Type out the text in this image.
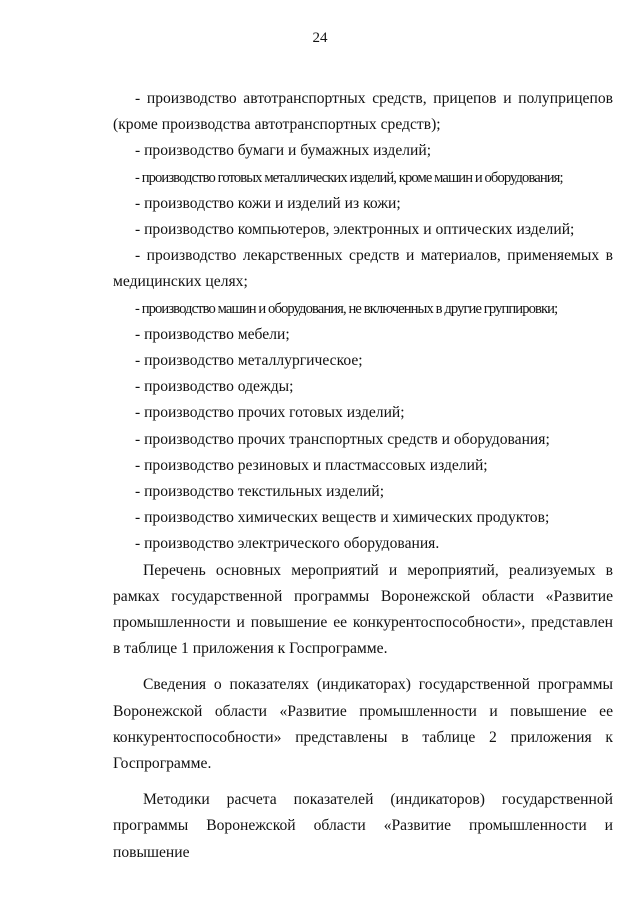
24

- производство автотранспортных средств, прицепов и полуприцепов (кроме производства автотранспортных средств);

- производство бумаги и бумажных изделий;

- производство готовых металлических изделий, кроме машин и оборудования;

- производство кожи и изделий из кожи;

- производство компьютеров, электронных и оптических изделий;

- производство лекарственных средств и материалов, применяемых в медицинских целях;

- производство машин и оборудования, не включенных в другие группировки;

- производство мебели;

- производство металлургическое;

- производство одежды;

- производство прочих готовых изделий;

- производство прочих транспортных средств и оборудования;

- производство резиновых и пластмассовых изделий;

- производство текстильных изделий;

- производство химических веществ и химических продуктов;

- производство электрического оборудования.

Перечень основных мероприятий и мероприятий, реализуемых в рамках государственной программы Воронежской области «Развитие промышленности и повышение ее конкурентоспособности», представлен в таблице 1 приложения к Госпрограмме.

Сведения о показателях (индикаторах) государственной программы Воронежской области «Развитие промышленности и повышение ее конкурентоспособности» представлены в таблице 2 приложения к Госпрограмме.

Методики расчета показателей (индикаторов) государственной программы Воронежской области «Развитие промышленности и повышение
